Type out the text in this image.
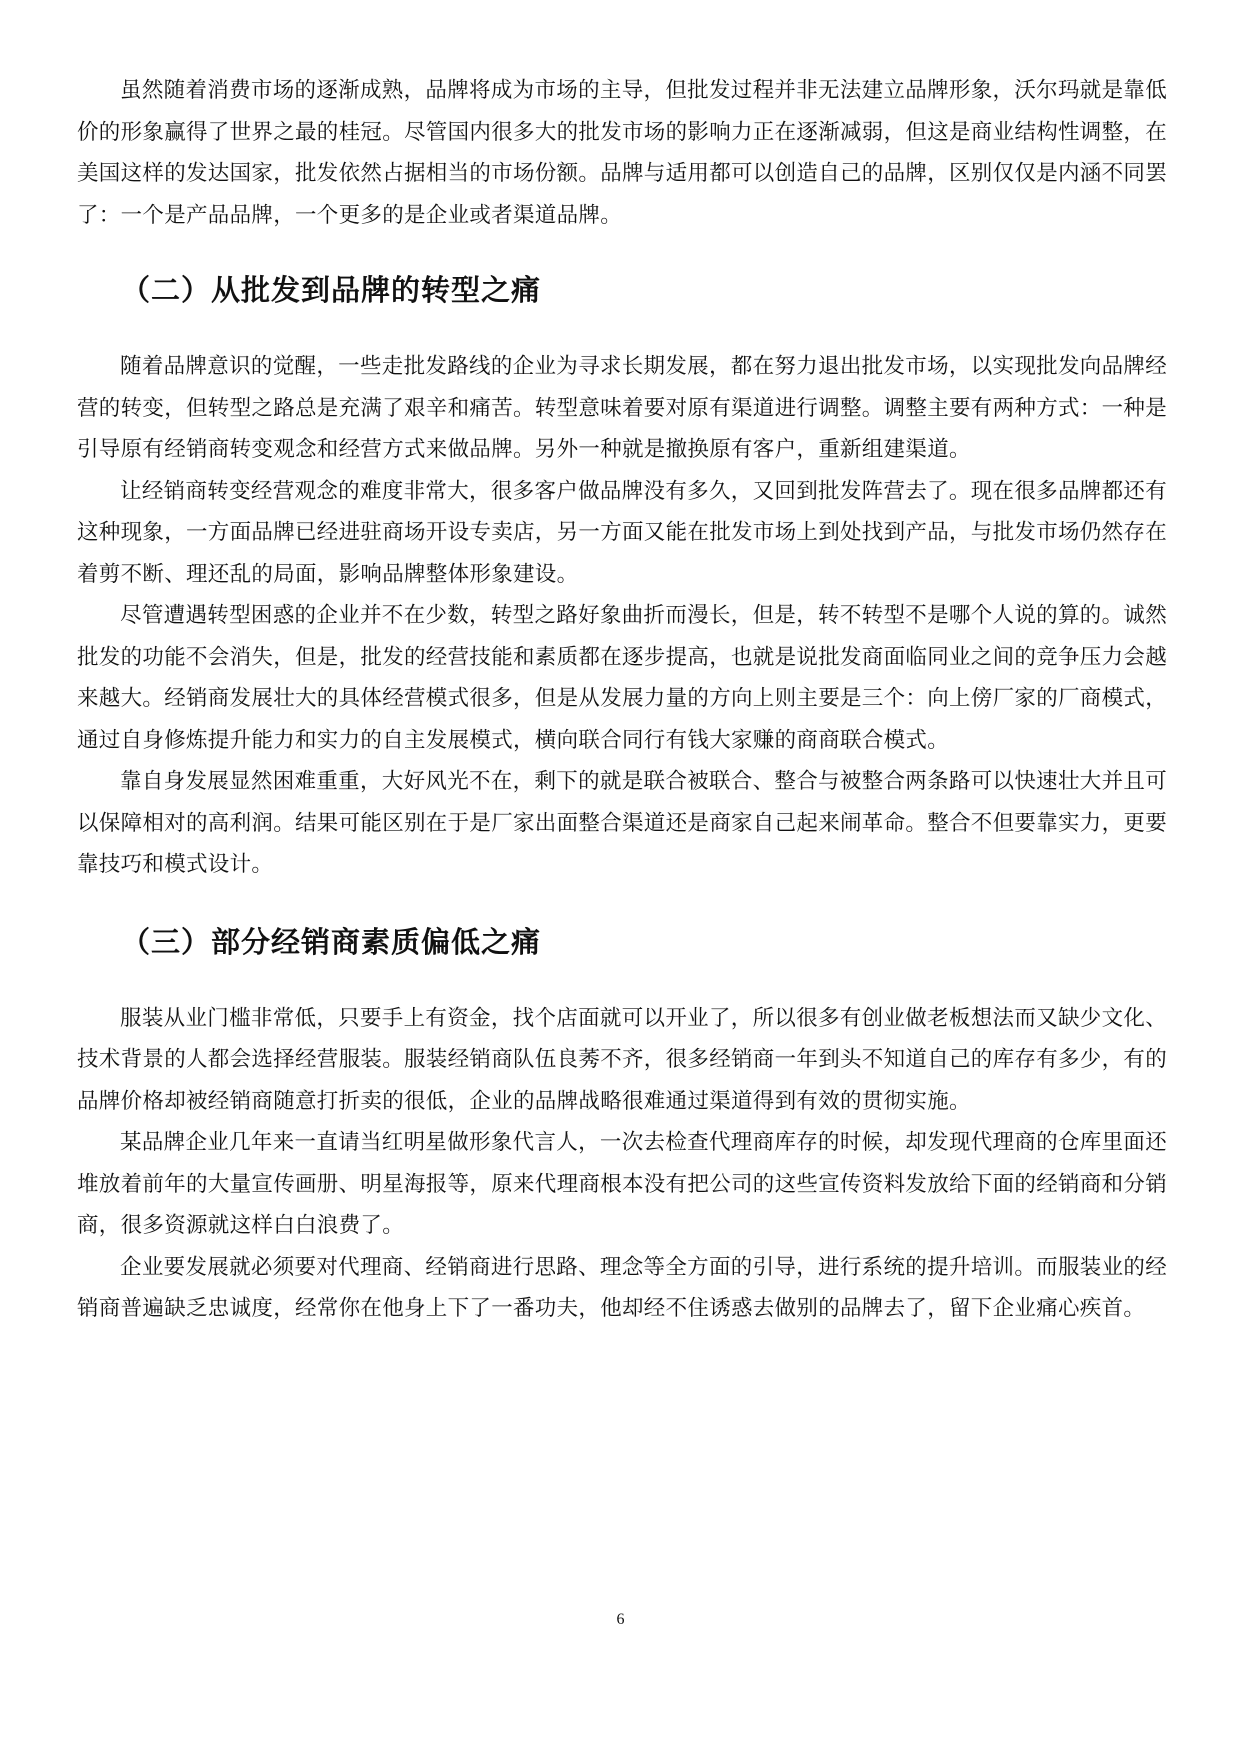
虽然随着消费市场的逐渐成熟，品牌将成为市场的主导，但批发过程并非无法建立品牌形象，沃尔玛就是靠低价的形象赢得了世界之最的桂冠。尽管国内很多大的批发市场的影响力正在逐渐减弱，但这是商业结构性调整，在美国这样的发达国家，批发依然占据相当的市场份额。品牌与适用都可以创造自己的品牌，区别仅仅是内涵不同罢了：一个是产品品牌，一个更多的是企业或者渠道品牌。

（二）从批发到品牌的转型之痛

随着品牌意识的觉醒，一些走批发路线的企业为寻求长期发展，都在努力退出批发市场，以实现批发向品牌经营的转变，但转型之路总是充满了艰辛和痛苦。转型意味着要对原有渠道进行调整。调整主要有两种方式：一种是引导原有经销商转变观念和经营方式来做品牌。另外一种就是撤换原有客户，重新组建渠道。

让经销商转变经营观念的难度非常大，很多客户做品牌没有多久，又回到批发阵营去了。现在很多品牌都还有这种现象，一方面品牌已经进驻商场开设专卖店，另一方面又能在批发市场上到处找到产品，与批发市场仍然存在着剪不断、理还乱的局面，影响品牌整体形象建设。

尽管遭遇转型困惑的企业并不在少数，转型之路好象曲折而漫长，但是，转不转型不是哪个人说的算的。诚然批发的功能不会消失，但是，批发的经营技能和素质都在逐步提高，也就是说批发商面临同业之间的竞争压力会越来越大。经销商发展壮大的具体经营模式很多，但是从发展力量的方向上则主要是三个：向上傍厂家的厂商模式，通过自身修炼提升能力和实力的自主发展模式，横向联合同行有钱大家赚的商商联合模式。

靠自身发展显然困难重重，大好风光不在，剩下的就是联合被联合、整合与被整合两条路可以快速壮大并且可以保障相对的高利润。结果可能区别在于是厂家出面整合渠道还是商家自己起来闹革命。整合不但要靠实力，更要靠技巧和模式设计。

（三）部分经销商素质偏低之痛

服装从业门槛非常低，只要手上有资金，找个店面就可以开业了，所以很多有创业做老板想法而又缺少文化、技术背景的人都会选择经营服装。服装经销商队伍良莠不齐，很多经销商一年到头不知道自己的库存有多少，有的品牌价格却被经销商随意打折卖的很低，企业的品牌战略很难通过渠道得到有效的贯彻实施。

某品牌企业几年来一直请当红明星做形象代言人，一次去检查代理商库存的时候，却发现代理商的仓库里面还堆放着前年的大量宣传画册、明星海报等，原来代理商根本没有把公司的这些宣传资料发放给下面的经销商和分销商，很多资源就这样白白浪费了。

企业要发展就必须要对代理商、经销商进行思路、理念等全方面的引导，进行系统的提升培训。而服装业的经销商普遍缺乏忠诚度，经常你在他身上下了一番功夫，他却经不住诱惑去做别的品牌去了，留下企业痛心疾首。

6
